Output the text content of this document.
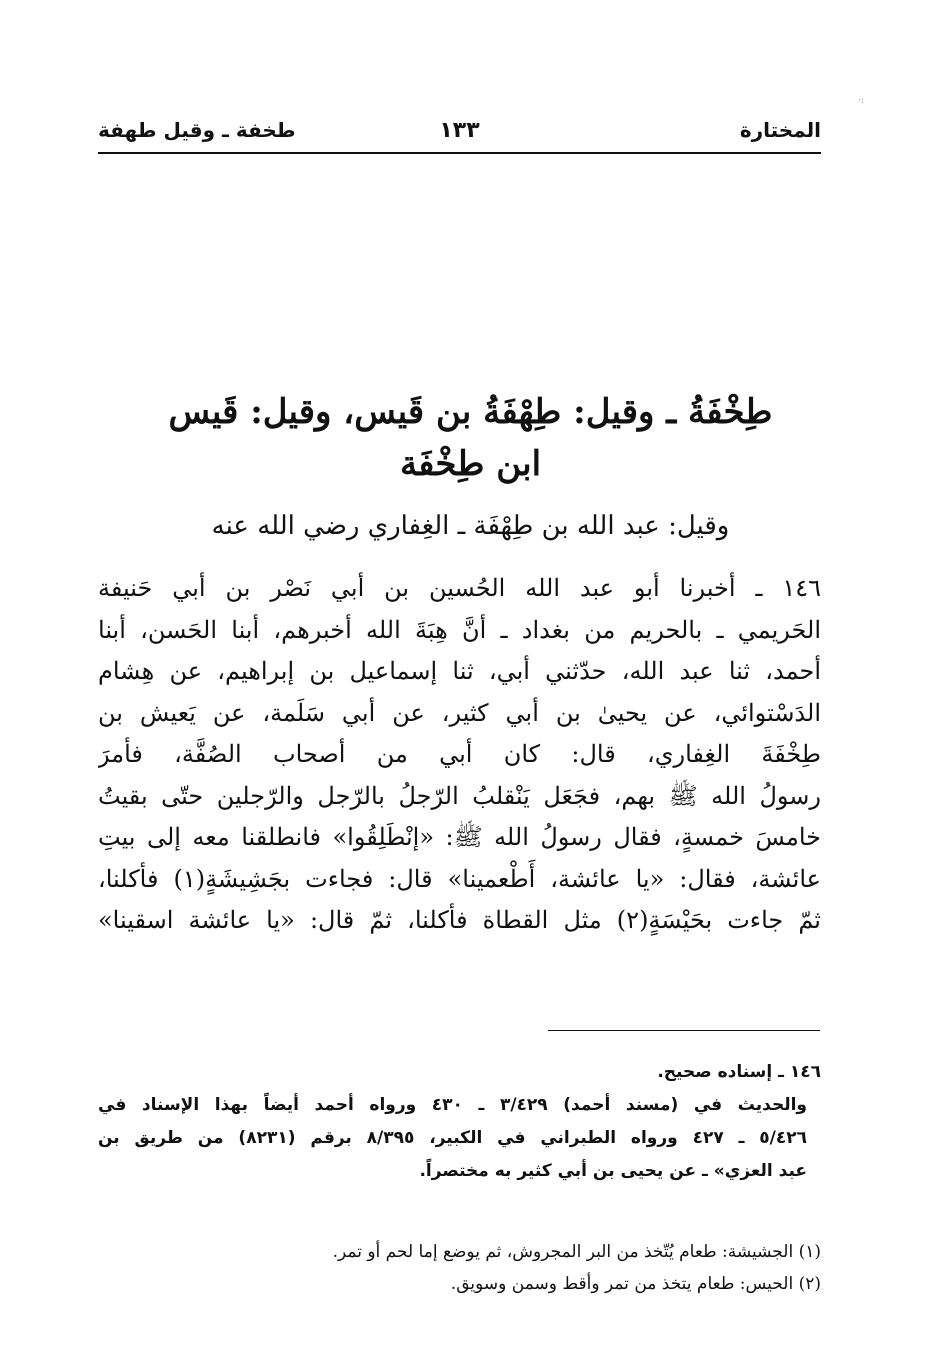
·:
المختارة
١٣٣
طخفة ـ وقيل طهفة
طِخْفَةُ ـ وقيل: طِهْفَةُ بن قَيس، وقيل: قَيس
ابن طِخْفَة
وقيل: عبد الله بن طِهْفَة ـ الغِفاري رضي الله عنه
١٤٦ ـ أخبرنا أبو عبد الله الحُسين بن أبي نَصْر بن أبي حَنيفة
الحَريمي ـ بالحريم من بغداد ـ أنَّ هِبَةَ الله أخبرهم، أبنا الحَسن، أبنا
أحمد، ثنا عبد الله، حدّثني أبي، ثنا إسماعيل بن إبراهيم، عن هِشام
الدَسْتوائي، عن يحيىٰ بن أبي كثير، عن أبي سَلَمة، عن يَعيش بن
طِخْفَةَ الغِفاري، قال: كان أبي من أصحاب الصُفَّة، فأمرَ
رسولُ الله ﷺ بهم، فجَعَل يَنْقلبُ الرّجلُ بالرّجل والرّجلين حتّى بقيتُ
خامسَ خمسةٍ، فقال رسولُ الله ﷺ: «إنْطَلِقُوا» فانطلقنا معه إلى بيتِ
عائشة، فقال: «يا عائشة، أَطْعمينا» قال: فجاءت بجَشِيشَةٍ(١) فأكلنا،
ثمّ جاءت بحَيْسَةٍ(٢) مثل القطاة فأكلنا، ثمّ قال: «يا عائشة اسقينا»
١٤٦ ـ إسناده صحيح.
والحديث في (مسند أحمد) ٣/٤٢٩ ـ ٤٣٠ ورواه أحمد أيضاً بهذا الإسناد في
٥/٤٢٦ ـ ٤٢٧ ورواه الطبراني في الكبير، ٨/٣٩٥ برقم (٨٢٣١) من طريق بن
عبد العزي» ـ عن يحيى بن أبي كثير به مختصراً.
(١) الجشيشة: طعام يُتّخذ من البر المجروش، ثم يوضع إما لحم أو تمر.
(٢) الحيس: طعام يتخذ من تمر وأقط وسمن وسويق.
